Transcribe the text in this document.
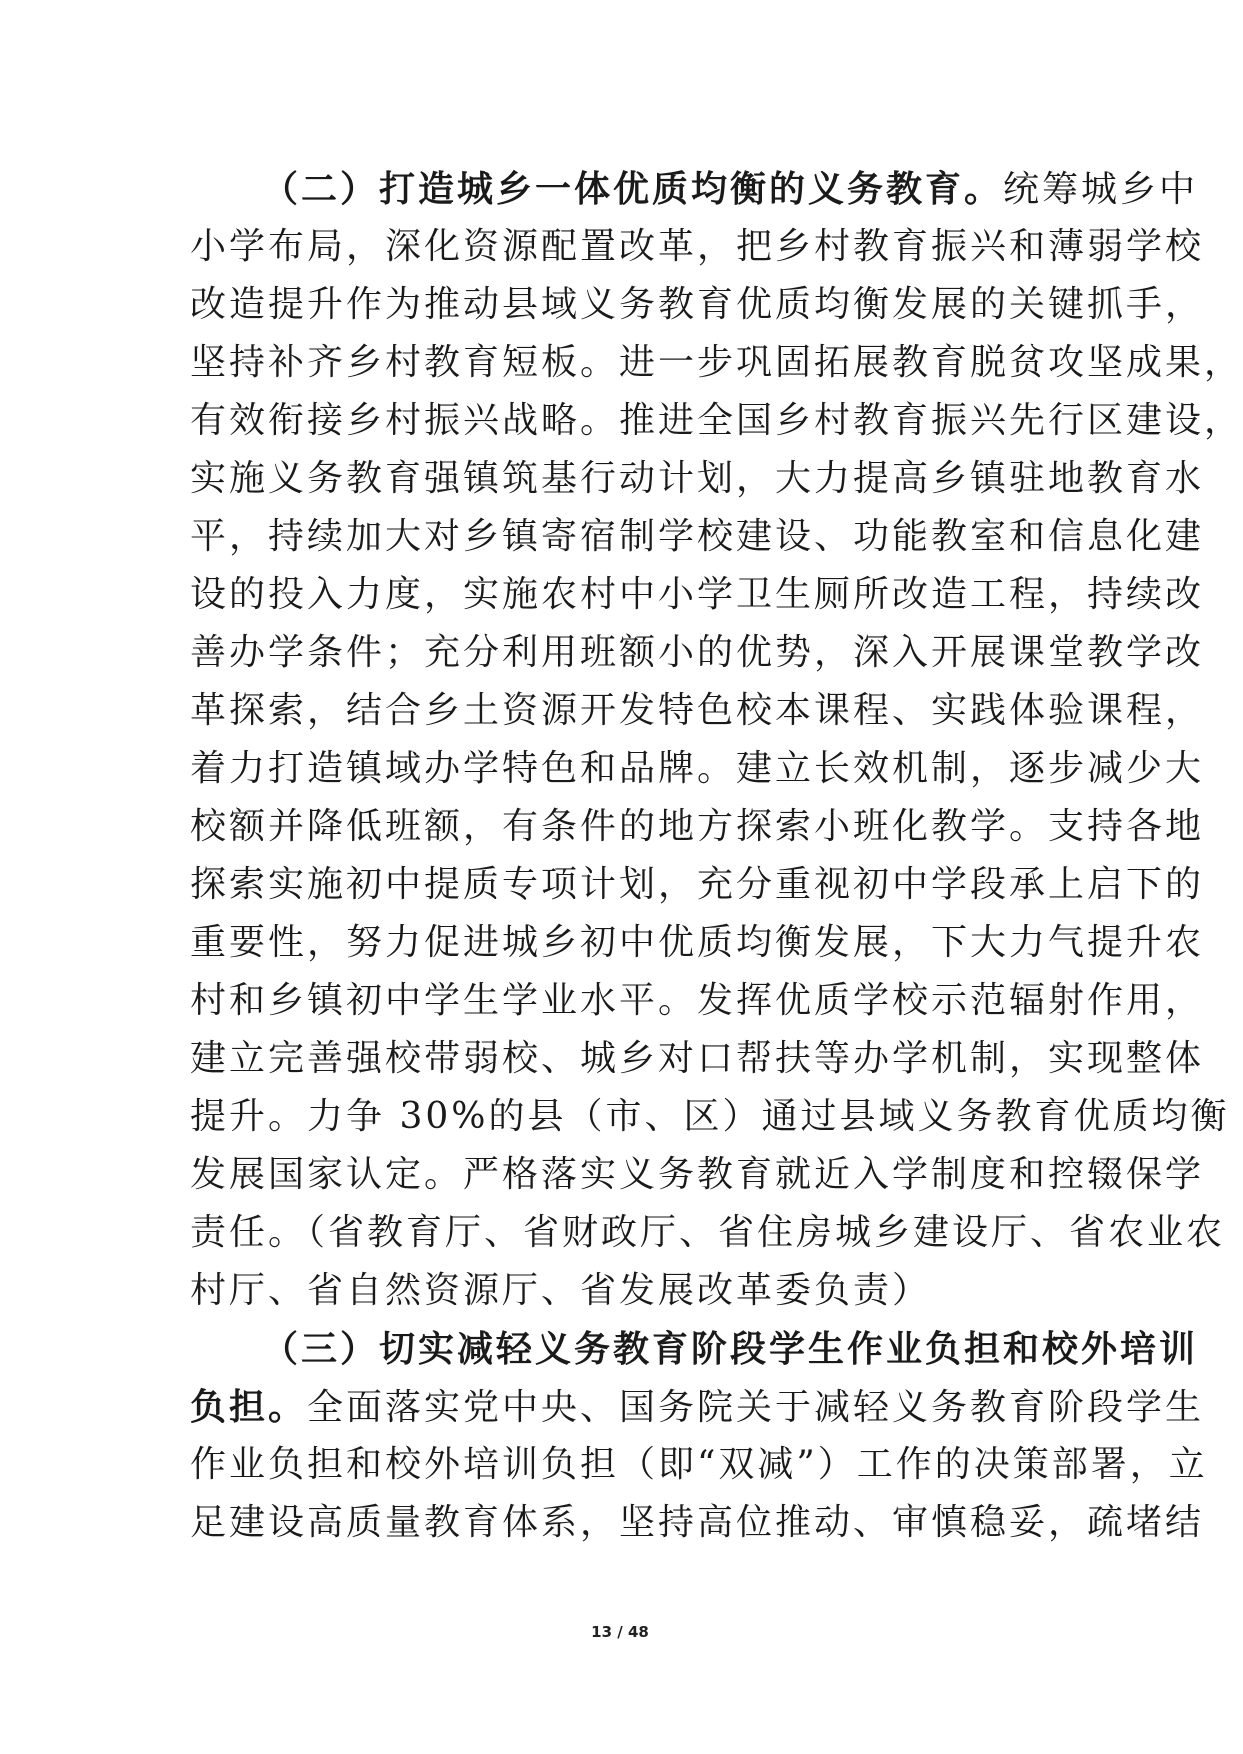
（二）打造城乡一体优质均衡的义务教育。统筹城乡中
小学布局，深化资源配置改革，把乡村教育振兴和薄弱学校
改造提升作为推动县域义务教育优质均衡发展的关键抓手，
坚持补齐乡村教育短板。进一步巩固拓展教育脱贫攻坚成果，
有效衔接乡村振兴战略。推进全国乡村教育振兴先行区建设，
实施义务教育强镇筑基行动计划，大力提高乡镇驻地教育水
平，持续加大对乡镇寄宿制学校建设、功能教室和信息化建
设的投入力度，实施农村中小学卫生厕所改造工程，持续改
善办学条件；充分利用班额小的优势，深入开展课堂教学改
革探索，结合乡土资源开发特色校本课程、实践体验课程，
着力打造镇域办学特色和品牌。建立长效机制，逐步减少大
校额并降低班额，有条件的地方探索小班化教学。支持各地
探索实施初中提质专项计划，充分重视初中学段承上启下的
重要性，努力促进城乡初中优质均衡发展，下大力气提升农
村和乡镇初中学生学业水平。发挥优质学校示范辐射作用，
建立完善强校带弱校、城乡对口帮扶等办学机制，实现整体
提升。力争 30%的县（市、区）通过县域义务教育优质均衡
发展国家认定。严格落实义务教育就近入学制度和控辍保学
责任。（省教育厅、省财政厅、省住房城乡建设厅、省农业农
村厅、省自然资源厅、省发展改革委负责）
（三）切实减轻义务教育阶段学生作业负担和校外培训
负担。全面落实党中央、国务院关于减轻义务教育阶段学生
作业负担和校外培训负担（即“双减”）工作的决策部署，立
足建设高质量教育体系，坚持高位推动、审慎稳妥，疏堵结
13 / 48
